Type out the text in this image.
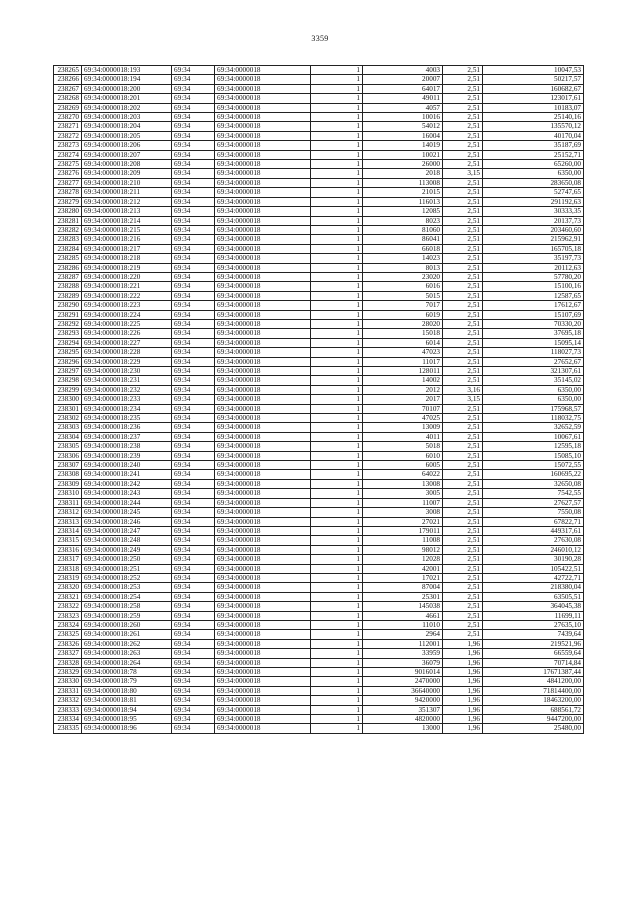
3359
238265	69:34:0000018:193	69:34	69:34:0000018	1	4003	2,51	10047,53
238266	69:34:0000018:194	69:34	69:34:0000018	1	20007	2,51	50217,57
238267	69:34:0000018:200	69:34	69:34:0000018	1	64017	2,51	160682,67
238268	69:34:0000018:201	69:34	69:34:0000018	1	49011	2,51	123017,61
238269	69:34:0000018:202	69:34	69:34:0000018	1	4057	2,51	10183,07
238270	69:34:0000018:203	69:34	69:34:0000018	1	10016	2,51	25140,16
238271	69:34:0000018:204	69:34	69:34:0000018	1	54012	2,51	135570,12
238272	69:34:0000018:205	69:34	69:34:0000018	1	16004	2,51	40170,04
238273	69:34:0000018:206	69:34	69:34:0000018	1	14019	2,51	35187,69
238274	69:34:0000018:207	69:34	69:34:0000018	1	10021	2,51	25152,71
238275	69:34:0000018:208	69:34	69:34:0000018	1	26000	2,51	65260,00
238276	69:34:0000018:209	69:34	69:34:0000018	1	2018	3,15	6350,00
238277	69:34:0000018:210	69:34	69:34:0000018	1	113008	2,51	283650,08
238278	69:34:0000018:211	69:34	69:34:0000018	1	21015	2,51	52747,65
238279	69:34:0000018:212	69:34	69:34:0000018	1	116013	2,51	291192,63
238280	69:34:0000018:213	69:34	69:34:0000018	1	12085	2,51	30333,35
238281	69:34:0000018:214	69:34	69:34:0000018	1	8023	2,51	20137,73
238282	69:34:0000018:215	69:34	69:34:0000018	1	81060	2,51	203460,60
238283	69:34:0000018:216	69:34	69:34:0000018	1	86041	2,51	215962,91
238284	69:34:0000018:217	69:34	69:34:0000018	1	66018	2,51	165705,18
238285	69:34:0000018:218	69:34	69:34:0000018	1	14023	2,51	35197,73
238286	69:34:0000018:219	69:34	69:34:0000018	1	8013	2,51	20112,63
238287	69:34:0000018:220	69:34	69:34:0000018	1	23020	2,51	57780,20
238288	69:34:0000018:221	69:34	69:34:0000018	1	6016	2,51	15100,16
238289	69:34:0000018:222	69:34	69:34:0000018	1	5015	2,51	12587,65
238290	69:34:0000018:223	69:34	69:34:0000018	1	7017	2,51	17612,67
238291	69:34:0000018:224	69:34	69:34:0000018	1	6019	2,51	15107,69
238292	69:34:0000018:225	69:34	69:34:0000018	1	28020	2,51	70330,20
238293	69:34:0000018:226	69:34	69:34:0000018	1	15018	2,51	37695,18
238294	69:34:0000018:227	69:34	69:34:0000018	1	6014	2,51	15095,14
238295	69:34:0000018:228	69:34	69:34:0000018	1	47023	2,51	118027,73
238296	69:34:0000018:229	69:34	69:34:0000018	1	11017	2,51	27652,67
238297	69:34:0000018:230	69:34	69:34:0000018	1	128011	2,51	321307,61
238298	69:34:0000018:231	69:34	69:34:0000018	1	14002	2,51	35145,02
238299	69:34:0000018:232	69:34	69:34:0000018	1	2012	3,16	6350,00
238300	69:34:0000018:233	69:34	69:34:0000018	1	2017	3,15	6350,00
238301	69:34:0000018:234	69:34	69:34:0000018	1	70107	2,51	175968,57
238302	69:34:0000018:235	69:34	69:34:0000018	1	47025	2,51	118032,75
238303	69:34:0000018:236	69:34	69:34:0000018	1	13009	2,51	32652,59
238304	69:34:0000018:237	69:34	69:34:0000018	1	4011	2,51	10067,61
238305	69:34:0000018:238	69:34	69:34:0000018	1	5018	2,51	12595,18
238306	69:34:0000018:239	69:34	69:34:0000018	1	6010	2,51	15085,10
238307	69:34:0000018:240	69:34	69:34:0000018	1	6005	2,51	15072,55
238308	69:34:0000018:241	69:34	69:34:0000018	1	64022	2,51	160695,22
238309	69:34:0000018:242	69:34	69:34:0000018	1	13008	2,51	32650,08
238310	69:34:0000018:243	69:34	69:34:0000018	1	3005	2,51	7542,55
238311	69:34:0000018:244	69:34	69:34:0000018	1	11007	2,51	27627,57
238312	69:34:0000018:245	69:34	69:34:0000018	1	3008	2,51	7550,08
238313	69:34:0000018:246	69:34	69:34:0000018	1	27021	2,51	67822,71
238314	69:34:0000018:247	69:34	69:34:0000018	1	179011	2,51	449317,61
238315	69:34:0000018:248	69:34	69:34:0000018	1	11008	2,51	27630,08
238316	69:34:0000018:249	69:34	69:34:0000018	1	98012	2,51	246010,12
238317	69:34:0000018:250	69:34	69:34:0000018	1	12028	2,51	30190,28
238318	69:34:0000018:251	69:34	69:34:0000018	1	42001	2,51	105422,51
238319	69:34:0000018:252	69:34	69:34:0000018	1	17021	2,51	42722,71
238320	69:34:0000018:253	69:34	69:34:0000018	1	87004	2,51	218380,04
238321	69:34:0000018:254	69:34	69:34:0000018	1	25301	2,51	63505,51
238322	69:34:0000018:258	69:34	69:34:0000018	1	145038	2,51	364045,38
238323	69:34:0000018:259	69:34	69:34:0000018	1	4661	2,51	11699,11
238324	69:34:0000018:260	69:34	69:34:0000018	1	11010	2,51	27635,10
238325	69:34:0000018:261	69:34	69:34:0000018	1	2964	2,51	7439,64
238326	69:34:0000018:262	69:34	69:34:0000018	1	112001	1,96	219521,96
238327	69:34:0000018:263	69:34	69:34:0000018	1	33959	1,96	66559,64
238328	69:34:0000018:264	69:34	69:34:0000018	1	36079	1,96	70714,84
238329	69:34:0000018:78	69:34	69:34:0000018	1	9016014	1,96	17671387,44
238330	69:34:0000018:79	69:34	69:34:0000018	1	2470000	1,96	4841200,00
238331	69:34:0000018:80	69:34	69:34:0000018	1	36640000	1,96	71814400,00
238332	69:34:0000018:81	69:34	69:34:0000018	1	9420000	1,96	18463200,00
238333	69:34:0000018:94	69:34	69:34:0000018	1	351307	1,96	688561,72
238334	69:34:0000018:95	69:34	69:34:0000018	1	4820000	1,96	9447200,00
238335	69:34:0000018:96	69:34	69:34:0000018	1	13000	1,96	25480,00
